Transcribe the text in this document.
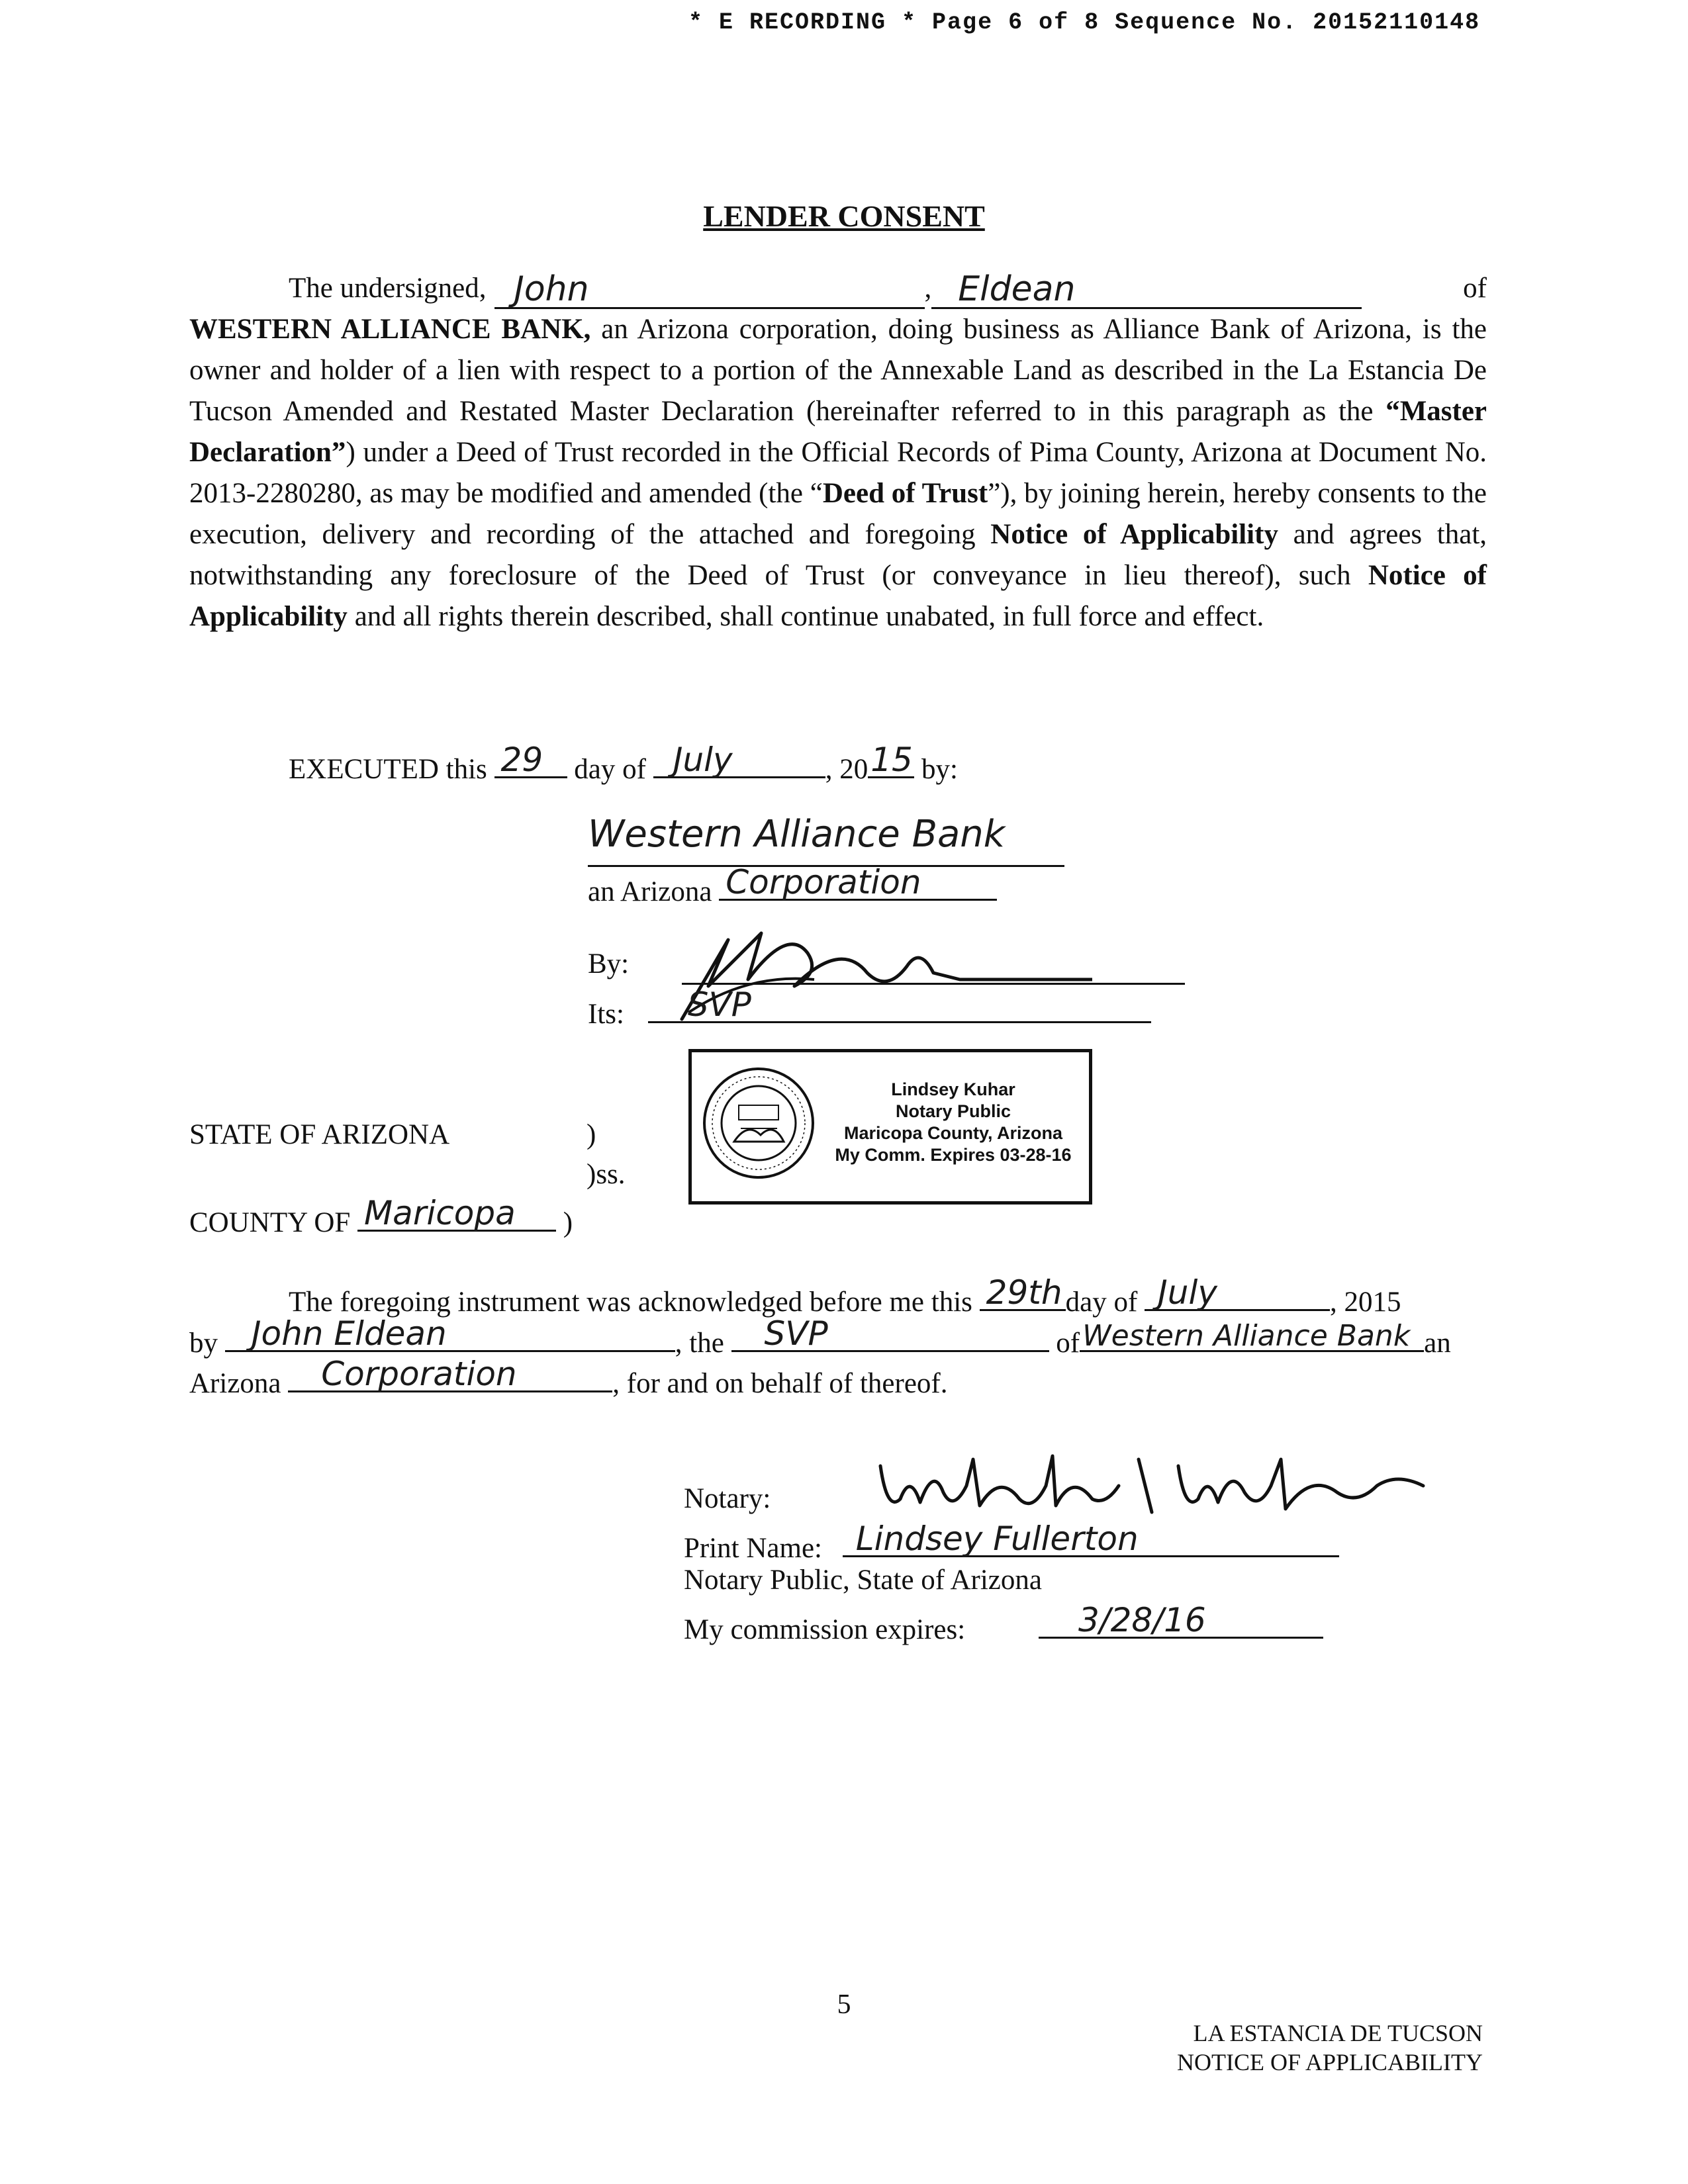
* E RECORDING * Page 6 of 8 Sequence No. 20152110148
LENDER CONSENT
The undersigned, John	, Eldean	of
WESTERN ALLIANCE BANK, an Arizona corporation, doing business as Alliance Bank of Arizona, is the owner and holder of a lien with respect to a portion of the Annexable Land as described in the La Estancia De Tucson Amended and Restated Master Declaration (hereinafter referred to in this paragraph as the “Master Declaration”) under a Deed of Trust recorded in the Official Records of Pima County, Arizona at Document No. 2013-2280280, as may be modified and amended (the “Deed of Trust”), by joining herein, hereby consents to the execution, delivery and recording of the attached and foregoing Notice of Applicability and agrees that, notwithstanding any foreclosure of the Deed of Trust (or conveyance in lieu thereof), such Notice of Applicability and all rights therein described, shall continue unabated, in full force and effect.
EXECUTED this 29 day of July	, 20 15 by:
Western Alliance Bank
an Arizona Corporation
By:
Its: SVP
Lindsey Kuhar
Notary Public
Maricopa County, Arizona
My Comm. Expires 03-28-16
STATE OF ARIZONA	)
)ss.
COUNTY OF Maricopa )
The foregoing instrument was acknowledged before me this 29th day of July	, 2015
by John Eldean	, the SVP	of Western Alliance Bank an
Arizona Corporation	, for and on behalf of thereof.
Notary:
Print Name: Lindsey Fullerton
Notary Public, State of Arizona
My commission expires:	3/28/16
5
LA ESTANCIA DE TUCSON
NOTICE OF APPLICABILITY
